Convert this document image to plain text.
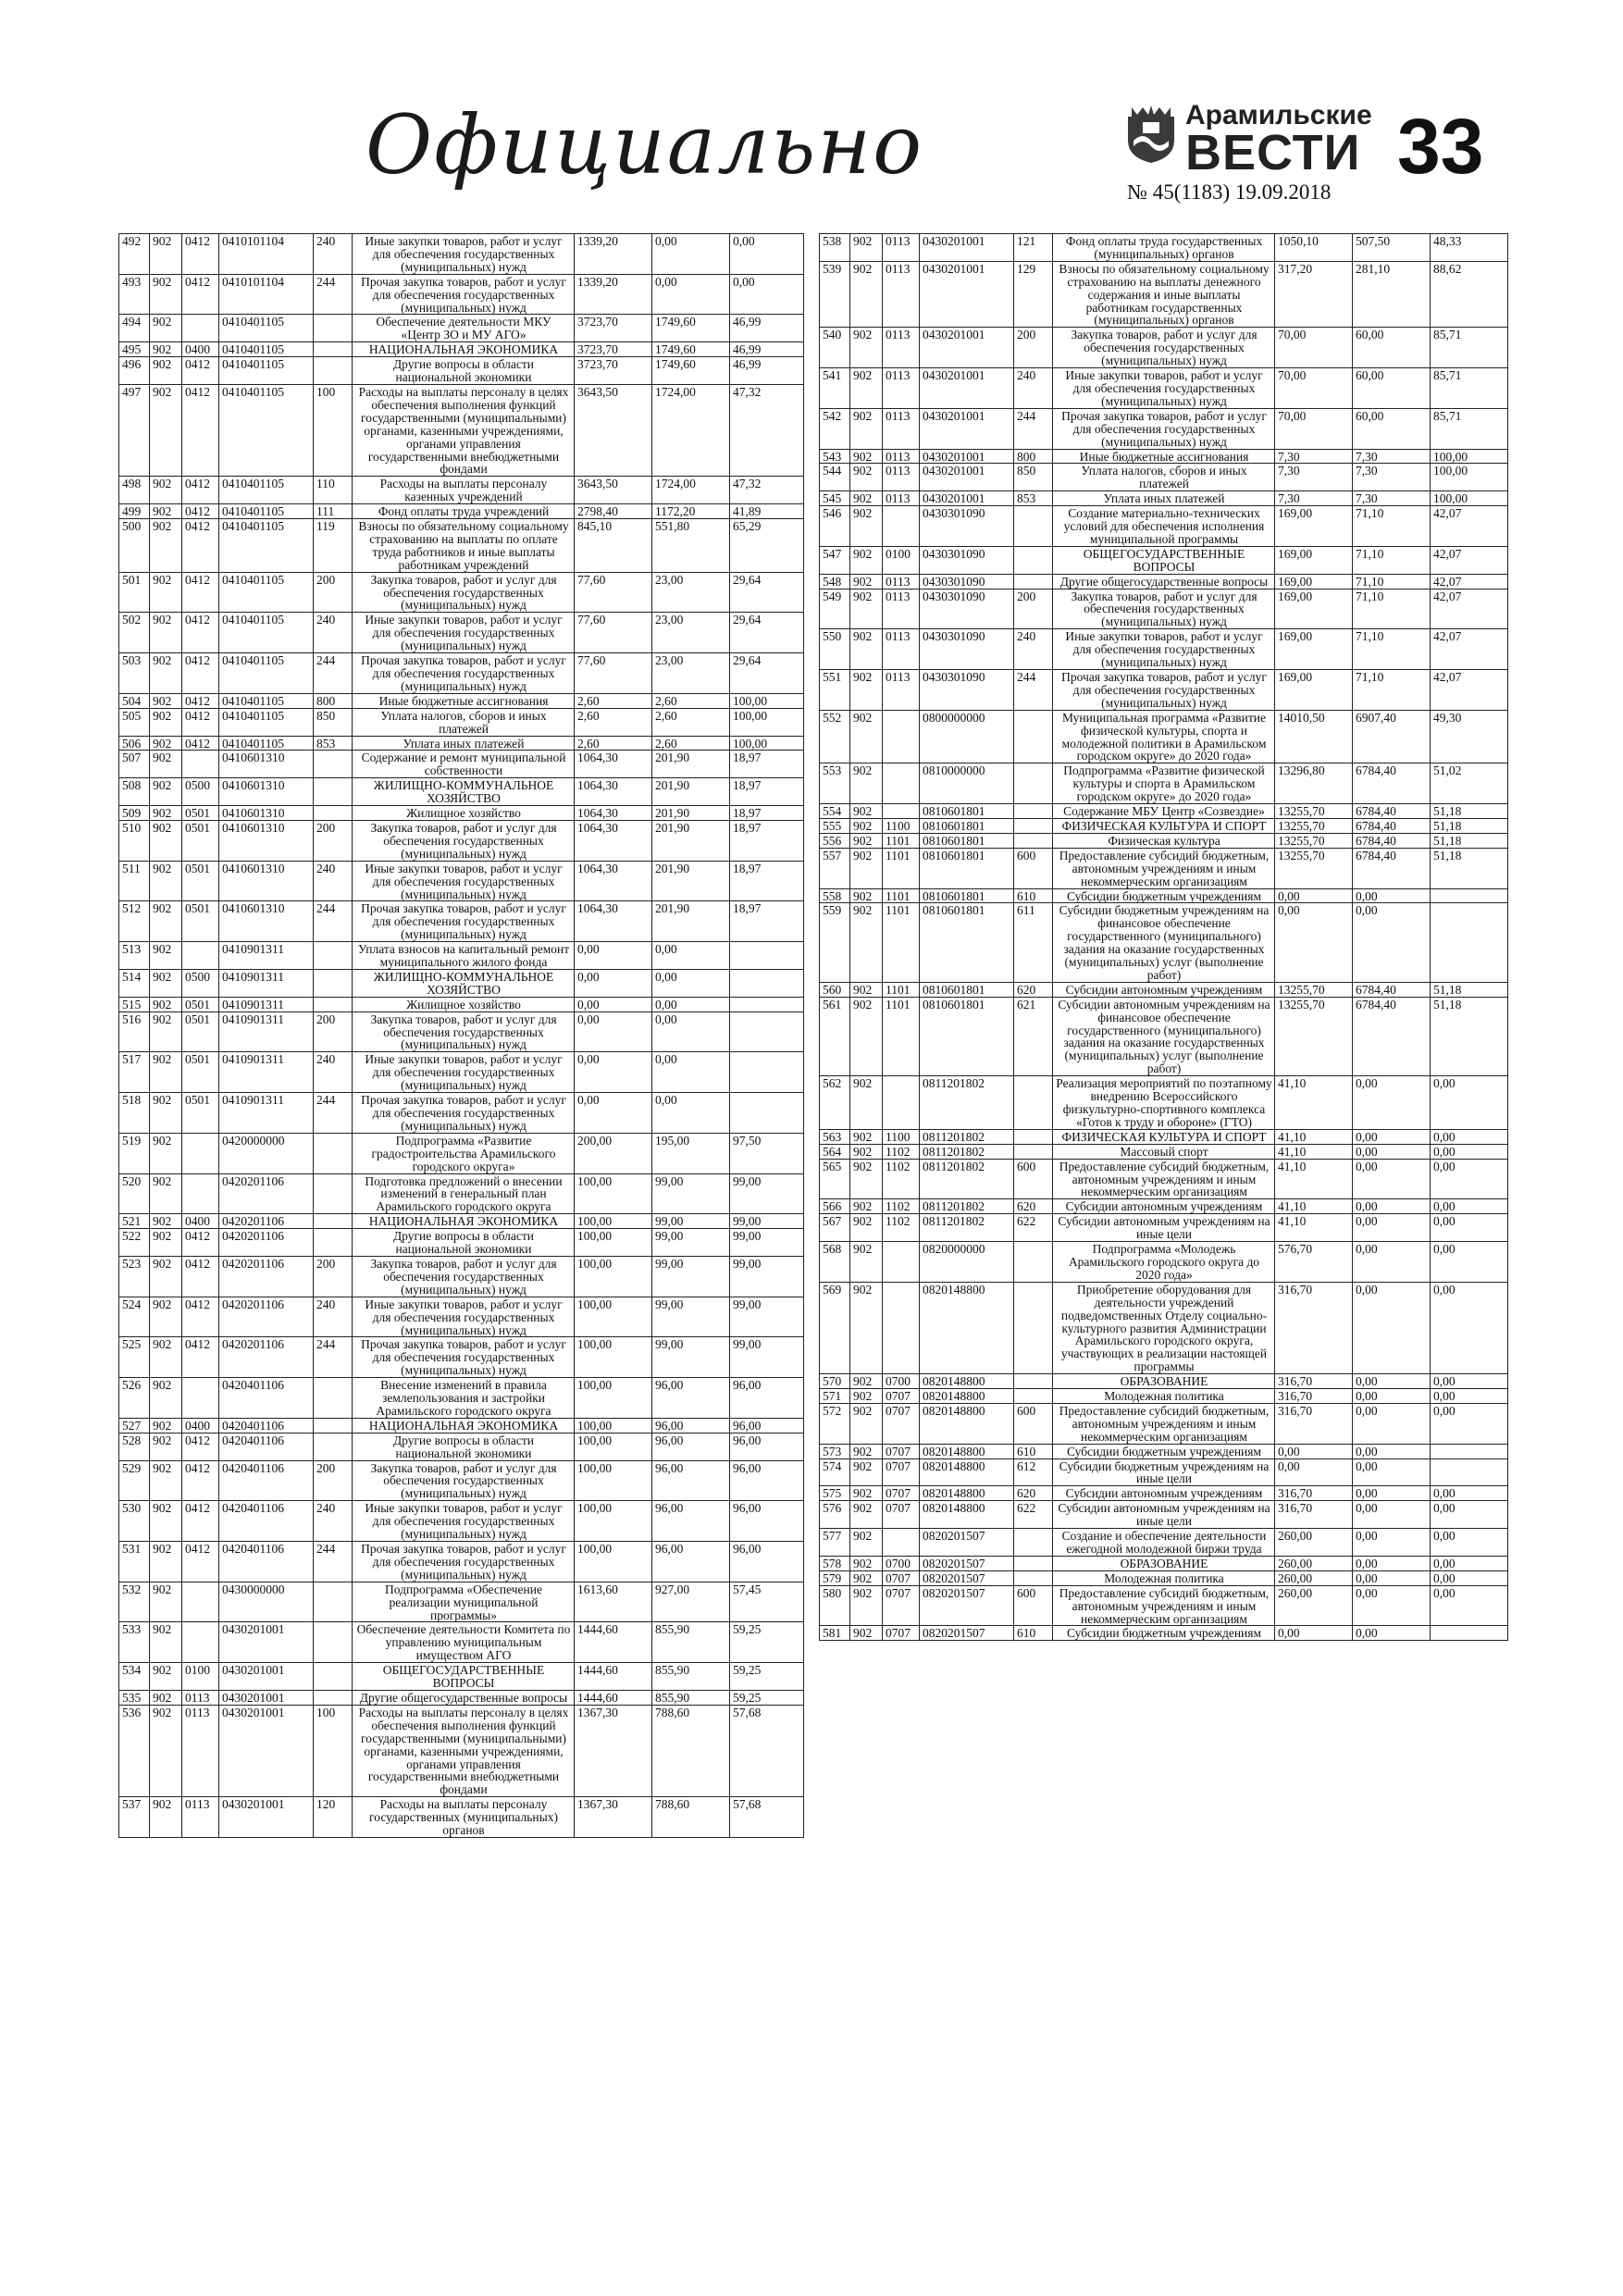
Официально	Арамильские
ВЕСТИ
№ 45(1183) 19.09.2018
33
492	902	0412	0410101104	240	Иные закупки товаров, работ и услуг для обеспечения государственных (муниципальных) нужд	1339,20	0,00	0,00
493	902	0412	0410101104	244	Прочая закупка товаров, работ и услуг для обеспечения государственных (муниципальных) нужд	1339,20	0,00	0,00
494	902		0410401105		Обеспечение деятельности МКУ «Центр ЗО и МУ АГО»	3723,70	1749,60	46,99
495	902	0400	0410401105		НАЦИОНАЛЬНАЯ ЭКОНОМИКА	3723,70	1749,60	46,99
496	902	0412	0410401105		Другие вопросы в области национальной экономики	3723,70	1749,60	46,99
497	902	0412	0410401105	100	Расходы на выплаты персоналу в целях обеспечения выполнения функций государственными (муниципальными) органами, казенными учреждениями, органами управления государственными внебюджетными фондами	3643,50	1724,00	47,32
498	902	0412	0410401105	110	Расходы на выплаты персоналу казенных учреждений	3643,50	1724,00	47,32
499	902	0412	0410401105	111	Фонд оплаты труда учреждений	2798,40	1172,20	41,89
500	902	0412	0410401105	119	Взносы по обязательному социальному страхованию на выплаты по оплате труда работников и иные выплаты работникам учреждений	845,10	551,80	65,29
501	902	0412	0410401105	200	Закупка товаров, работ и услуг для обеспечения государственных (муниципальных) нужд	77,60	23,00	29,64
502	902	0412	0410401105	240	Иные закупки товаров, работ и услуг для обеспечения государственных (муниципальных) нужд	77,60	23,00	29,64
503	902	0412	0410401105	244	Прочая закупка товаров, работ и услуг для обеспечения государственных (муниципальных) нужд	77,60	23,00	29,64
504	902	0412	0410401105	800	Иные бюджетные ассигнования	2,60	2,60	100,00
505	902	0412	0410401105	850	Уплата налогов, сборов и иных платежей	2,60	2,60	100,00
506	902	0412	0410401105	853	Уплата иных платежей	2,60	2,60	100,00
507	902		0410601310		Содержание и ремонт муниципальной собственности	1064,30	201,90	18,97
508	902	0500	0410601310		ЖИЛИЩНО-КОММУНАЛЬНОЕ ХОЗЯЙСТВО	1064,30	201,90	18,97
509	902	0501	0410601310		Жилищное хозяйство	1064,30	201,90	18,97
510	902	0501	0410601310	200	Закупка товаров, работ и услуг для обеспечения государственных (муниципальных) нужд	1064,30	201,90	18,97
511	902	0501	0410601310	240	Иные закупки товаров, работ и услуг для обеспечения государственных (муниципальных) нужд	1064,30	201,90	18,97
512	902	0501	0410601310	244	Прочая закупка товаров, работ и услуг для обеспечения государственных (муниципальных) нужд	1064,30	201,90	18,97
513	902		0410901311		Уплата взносов на капитальный ремонт муниципального жилого фонда	0,00	0,00	
514	902	0500	0410901311		ЖИЛИЩНО-КОММУНАЛЬНОЕ ХОЗЯЙСТВО	0,00	0,00	
515	902	0501	0410901311		Жилищное хозяйство	0,00	0,00	
516	902	0501	0410901311	200	Закупка товаров, работ и услуг для обеспечения государственных (муниципальных) нужд	0,00	0,00	
517	902	0501	0410901311	240	Иные закупки товаров, работ и услуг для обеспечения государственных (муниципальных) нужд	0,00	0,00	
518	902	0501	0410901311	244	Прочая закупка товаров, работ и услуг для обеспечения государственных (муниципальных) нужд	0,00	0,00	
519	902		0420000000		Подпрограмма «Развитие градостроительства Арамильского городского округа»	200,00	195,00	97,50
520	902		0420201106		Подготовка предложений о внесении изменений в генеральный план Арамильского городского округа	100,00	99,00	99,00
521	902	0400	0420201106		НАЦИОНАЛЬНАЯ ЭКОНОМИКА	100,00	99,00	99,00
522	902	0412	0420201106		Другие вопросы в области национальной экономики	100,00	99,00	99,00
523	902	0412	0420201106	200	Закупка товаров, работ и услуг для обеспечения государственных (муниципальных) нужд	100,00	99,00	99,00
524	902	0412	0420201106	240	Иные закупки товаров, работ и услуг для обеспечения государственных (муниципальных) нужд	100,00	99,00	99,00
525	902	0412	0420201106	244	Прочая закупка товаров, работ и услуг для обеспечения государственных (муниципальных) нужд	100,00	99,00	99,00
526	902		0420401106		Внесение изменений в правила землепользования и застройки Арамильского городского округа	100,00	96,00	96,00
527	902	0400	0420401106		НАЦИОНАЛЬНАЯ ЭКОНОМИКА	100,00	96,00	96,00
528	902	0412	0420401106		Другие вопросы в области национальной экономики	100,00	96,00	96,00
529	902	0412	0420401106	200	Закупка товаров, работ и услуг для обеспечения государственных (муниципальных) нужд	100,00	96,00	96,00
530	902	0412	0420401106	240	Иные закупки товаров, работ и услуг для обеспечения государственных (муниципальных) нужд	100,00	96,00	96,00
531	902	0412	0420401106	244	Прочая закупка товаров, работ и услуг для обеспечения государственных (муниципальных) нужд	100,00	96,00	96,00
532	902		0430000000		Подпрограмма «Обеспечение реализации муниципальной программы»	1613,60	927,00	57,45
533	902		0430201001		Обеспечение деятельности Комитета по управлению муниципальным имуществом АГО	1444,60	855,90	59,25
534	902	0100	0430201001		ОБЩЕГОСУДАРСТВЕННЫЕ ВОПРОСЫ	1444,60	855,90	59,25
535	902	0113	0430201001		Другие общегосударственные вопросы	1444,60	855,90	59,25
536	902	0113	0430201001	100	Расходы на выплаты персоналу в целях обеспечения выполнения функций государственными (муниципальными) органами, казенными учреждениями, органами управления государственными внебюджетными фондами	1367,30	788,60	57,68
537	902	0113	0430201001	120	Расходы на выплаты персоналу государственных (муниципальных) органов	1367,30	788,60	57,68
538	902	0113	0430201001	121	Фонд оплаты труда государственных (муниципальных) органов	1050,10	507,50	48,33
539	902	0113	0430201001	129	Взносы по обязательному социальному страхованию на выплаты денежного содержания и иные выплаты работникам государственных (муниципальных) органов	317,20	281,10	88,62
540	902	0113	0430201001	200	Закупка товаров, работ и услуг для обеспечения государственных (муниципальных) нужд	70,00	60,00	85,71
541	902	0113	0430201001	240	Иные закупки товаров, работ и услуг для обеспечения государственных (муниципальных) нужд	70,00	60,00	85,71
542	902	0113	0430201001	244	Прочая закупка товаров, работ и услуг для обеспечения государственных (муниципальных) нужд	70,00	60,00	85,71
543	902	0113	0430201001	800	Иные бюджетные ассигнования	7,30	7,30	100,00
544	902	0113	0430201001	850	Уплата налогов, сборов и иных платежей	7,30	7,30	100,00
545	902	0113	0430201001	853	Уплата иных платежей	7,30	7,30	100,00
546	902		0430301090		Создание материально-технических условий для обеспечения исполнения муниципальной программы	169,00	71,10	42,07
547	902	0100	0430301090		ОБЩЕГОСУДАРСТВЕННЫЕ ВОПРОСЫ	169,00	71,10	42,07
548	902	0113	0430301090		Другие общегосударственные вопросы	169,00	71,10	42,07
549	902	0113	0430301090	200	Закупка товаров, работ и услуг для обеспечения государственных (муниципальных) нужд	169,00	71,10	42,07
550	902	0113	0430301090	240	Иные закупки товаров, работ и услуг для обеспечения государственных (муниципальных) нужд	169,00	71,10	42,07
551	902	0113	0430301090	244	Прочая закупка товаров, работ и услуг для обеспечения государственных (муниципальных) нужд	169,00	71,10	42,07
552	902		0800000000		Муниципальная программа «Развитие физической культуры, спорта и молодежной политики в Арамильском городском округе» до 2020 года»	14010,50	6907,40	49,30
553	902		0810000000		Подпрограмма «Развитие физической культуры и спорта в Арамильском городском округе» до 2020 года»	13296,80	6784,40	51,02
554	902		0810601801		Содержание МБУ Центр «Созвездие»	13255,70	6784,40	51,18
555	902	1100	0810601801		ФИЗИЧЕСКАЯ КУЛЬТУРА И СПОРТ	13255,70	6784,40	51,18
556	902	1101	0810601801		Физическая культура	13255,70	6784,40	51,18
557	902	1101	0810601801	600	Предоставление субсидий бюджетным, автономным учреждениям и иным некоммерческим организациям	13255,70	6784,40	51,18
558	902	1101	0810601801	610	Субсидии бюджетным учреждениям	0,00	0,00	
559	902	1101	0810601801	611	Субсидии бюджетным учреждениям на финансовое обеспечение государственного (муниципального) задания на оказание государственных (муниципальных) услуг (выполнение работ)	0,00	0,00	
560	902	1101	0810601801	620	Субсидии автономным учреждениям	13255,70	6784,40	51,18
561	902	1101	0810601801	621	Субсидии автономным учреждениям на финансовое обеспечение государственного (муниципального) задания на оказание государственных (муниципальных) услуг (выполнение работ)	13255,70	6784,40	51,18
562	902		0811201802		Реализация мероприятий по поэтапному внедрению Всероссийского физкультурно-спортивного комплекса «Готов к труду и обороне» (ГТО)	41,10	0,00	0,00
563	902	1100	0811201802		ФИЗИЧЕСКАЯ КУЛЬТУРА И СПОРТ	41,10	0,00	0,00
564	902	1102	0811201802		Массовый спорт	41,10	0,00	0,00
565	902	1102	0811201802	600	Предоставление субсидий бюджетным, автономным учреждениям и иным некоммерческим организациям	41,10	0,00	0,00
566	902	1102	0811201802	620	Субсидии автономным учреждениям	41,10	0,00	0,00
567	902	1102	0811201802	622	Субсидии автономным учреждениям на иные цели	41,10	0,00	0,00
568	902		0820000000		Подпрограмма «Молодежь Арамильского городского округа до 2020 года»	576,70	0,00	0,00
569	902		0820148800		Приобретение оборудования для деятельности учреждений подведомственных Отделу социально-культурного развития Администрации Арамильского городского округа, участвующих в реализации настоящей программы	316,70	0,00	0,00
570	902	0700	0820148800		ОБРАЗОВАНИЕ	316,70	0,00	0,00
571	902	0707	0820148800		Молодежная политика	316,70	0,00	0,00
572	902	0707	0820148800	600	Предоставление субсидий бюджетным, автономным учреждениям и иным некоммерческим организациям	316,70	0,00	0,00
573	902	0707	0820148800	610	Субсидии бюджетным учреждениям	0,00	0,00	
574	902	0707	0820148800	612	Субсидии бюджетным учреждениям на иные цели	0,00	0,00	
575	902	0707	0820148800	620	Субсидии автономным учреждениям	316,70	0,00	0,00
576	902	0707	0820148800	622	Субсидии автономным учреждениям на иные цели	316,70	0,00	0,00
577	902		0820201507		Создание и обеспечение деятельности ежегодной молодежной биржи труда	260,00	0,00	0,00
578	902	0700	0820201507		ОБРАЗОВАНИЕ	260,00	0,00	0,00
579	902	0707	0820201507		Молодежная политика	260,00	0,00	0,00
580	902	0707	0820201507	600	Предоставление субсидий бюджетным, автономным учреждениям и иным некоммерческим организациям	260,00	0,00	0,00
581	902	0707	0820201507	610	Субсидии бюджетным учреждениям	0,00	0,00	
